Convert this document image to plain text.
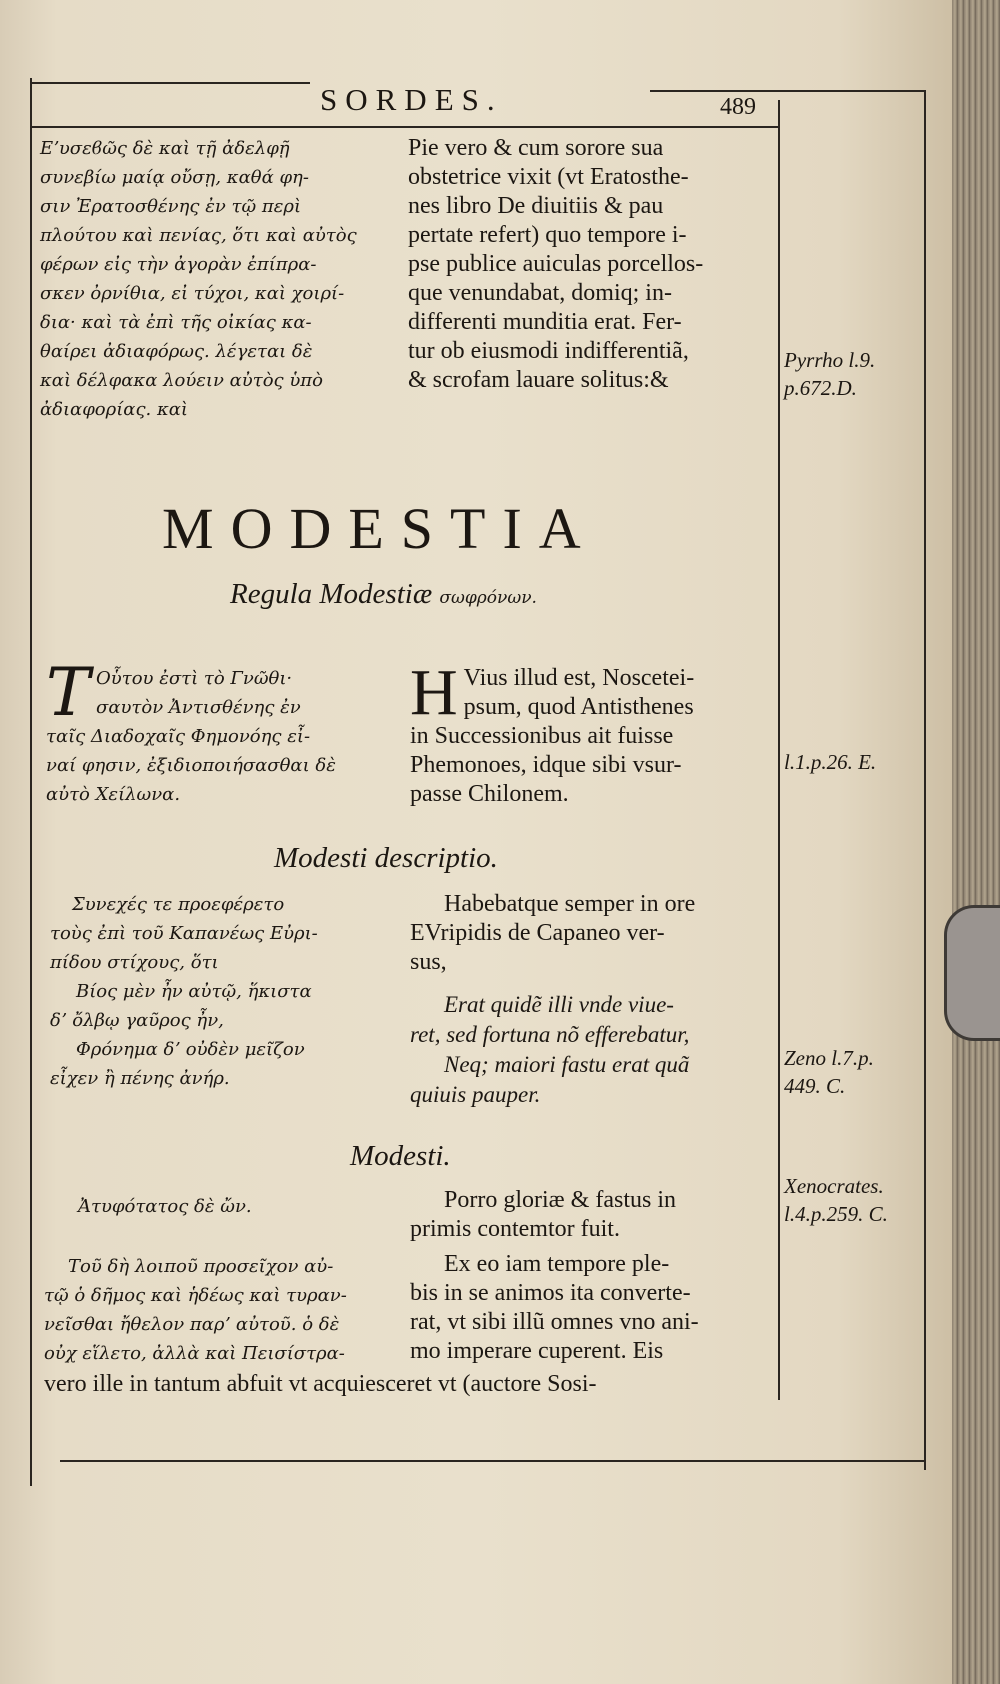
SORDES.	489
Εʼυσεϐῶς δὲ καὶ τῇ ἀδελφῇ
συνεβίω μαίᾳ οὔσῃ, καθά φη-
σιν Ἐρατοσθένης ἐν τῷ περὶ
πλούτου καὶ πενίας, ὅτι καὶ αὐτὸς
φέρων εἰς τὴν ἀγορὰν ἐπίπρα-
σκεν ὀρνίθια, εἰ τύχοι, καὶ χοιρί-
δια· καὶ τὰ ἐπὶ τῆς οἰκίας κα-
θαίρει ἀδιαφόρως. λέγεται δὲ
καὶ δέλφακα λούειν αὐτὸς ὑπὸ
ἀδιαφορίας. καὶ
Pie vero & cum sorore sua
obstetrice vixit (vt Eratosthe-
nes libro De diuitiis & pau
pertate refert) quo tempore i-
pse publice auiculas porcellos-
que venundabat, domiq; in-
differenti munditia erat. Fer-
tur ob eiusmodi indifferentiã,
& scrofam lauare solitus:&
Pyrrho l.9.
p.672.D.
MODESTIA
Regula Modestiæ σωφρόνων.
Τ Οὗτου ἐστὶ τὸ Γνῶθι·
σαυτὸν Ἀντισθένης ἐν
ταῖς Διαδοχαῖς Φημονόης εἶ-
ναί φησιν, ἐξιδιοποιήσασθαι δὲ
αὐτὸ Χείλωνα.
H Vius illud est, Noscetei-
psum, quod Antisthenes
in Successionibus ait fuisse
Phemonoes, idque sibi vsur-
passe Chilonem.
l.1.p.26. E.
Modesti descriptio.
Συνεχές τε προεφέρετο
τοὺς ἐπὶ τοῦ Καπανέως Εὐρι-
πίδου στίχους, ὅτι
Βίος μὲν ἦν αὐτῷ, ἥκιστα
δʼ ὄλβῳ γαῦρος ἦν,
Φρόνημα δʼ οὐδὲν μεῖζον
εἶχεν ἢ πένης ἀνήρ.
Habebatque semper in ore
EVripidis de Capaneo ver-
sus,
Erat quidẽ illi vnde viue-
ret, sed fortuna nõ efferebatur,
Neq; maiori fastu erat quã
quiuis pauper.
Zeno l.7.p.
449. C.
Modesti.
Ἀτυφότατος δὲ ὤν.	Porro gloriæ & fastus in
primis contemtor fuit.
Xenocrates.
l.4.p.259. C.
Τοῦ δὴ λοιποῦ προσεῖχον αὐ-
τῷ ὁ δῆμος καὶ ἡδέως καὶ τυραν-
νεῖσθαι ἤθελον παρʼ αὐτοῦ. ὁ δὲ
οὐχ εἵλετο, ἀλλὰ καὶ Πεισίστρα-
Ex eo iam tempore ple-
bis in se animos ita converte-
rat, vt sibi illũ omnes vno ani-
mo imperare cuperent. Eis
vero ille in tantum abfuit vt acquiesceret vt (auctore Sosi-
